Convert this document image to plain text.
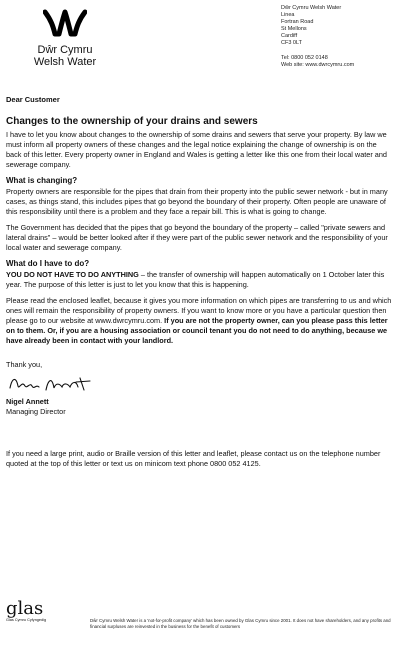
Dŵr Cymru
Welsh Water
Dŵr Cymru Welsh Water
Linea
Fortran Road
St Mellons
Cardiff
CF3 0LT
Tel: 0800 052 0148
Web site: www.dwrcymru.com
Dear Customer
Changes to the ownership of your drains and sewers

I have to let you know about changes to the ownership of some drains and sewers that serve your property. By law we must inform all property owners of these changes and the legal notice explaining the change of ownership is on the back of this letter. Every property owner in England and Wales is getting a letter like this one from their local water and sewerage company.

What is changing?

Property owners are responsible for the pipes that drain from their property into the public sewer network - but in many cases, as things stand, this includes pipes that go beyond the boundary of their property. Often people are unaware of this responsibility until there is a problem and they face a repair bill. This is what is going to change.

The Government has decided that the pipes that go beyond the boundary of the property – called "private sewers and lateral drains" – would be better looked after if they were part of the public sewer network and the responsibility of your local water and sewerage company.

What do I have to do?

YOU DO NOT HAVE TO DO ANYTHING – the transfer of ownership will happen automatically on 1 October later this year. The purpose of this letter is just to let you know that this is happening.

Please read the enclosed leaflet, because it gives you more information on which pipes are transferring to us and which ones will remain the responsibility of property owners. If you want to know more or you have a particular question then please go to our website at www.dwrcymru.com. If you are not the property owner, can you please pass this letter on to them. Or, if you are a housing association or council tenant you do not need to do anything, because we have already been in contact with your landlord.

Thank you,
Nigel Annett
Managing Director

If you need a large print, audio or Braille version of this letter and leaflet, please contact us on the telephone number quoted at the top of this letter or text us on minicom text phone 0800 052 4125.

glas
Glas Cymru Cyfyngedig	Dŵr Cymru Welsh Water is a 'not-for-profit company' which has been owned by Glas Cymru since 2001. It does not have shareholders, and any profits and financial surpluses are reinvested in the business for the benefit of customers
